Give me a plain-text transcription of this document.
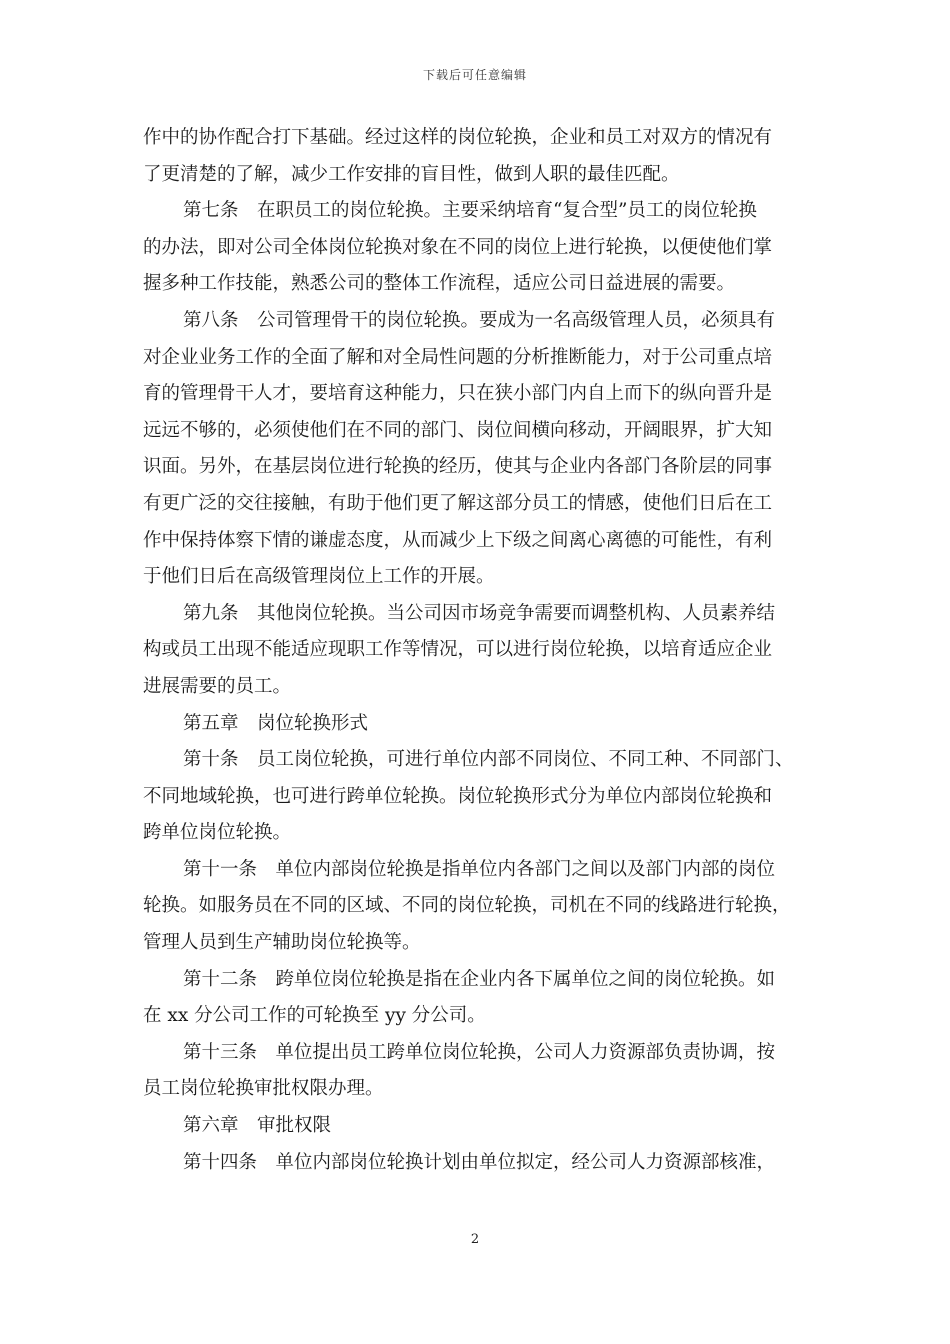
下载后可任意编辑
作中的协作配合打下基础。经过这样的岗位轮换，企业和员工对双方的情况有
了更清楚的了解，减少工作安排的盲目性，做到人职的最佳匹配。
第七条　在职员工的岗位轮换。主要采纳培育“复合型”员工的岗位轮换
的办法，即对公司全体岗位轮换对象在不同的岗位上进行轮换，以便使他们掌
握多种工作技能，熟悉公司的整体工作流程，适应公司日益进展的需要。
第八条　公司管理骨干的岗位轮换。要成为一名高级管理人员，必须具有
对企业业务工作的全面了解和对全局性问题的分析推断能力，对于公司重点培
育的管理骨干人才，要培育这种能力，只在狭小部门内自上而下的纵向晋升是
远远不够的，必须使他们在不同的部门、岗位间横向移动，开阔眼界，扩大知
识面。另外，在基层岗位进行轮换的经历，使其与企业内各部门各阶层的同事
有更广泛的交往接触，有助于他们更了解这部分员工的情感，使他们日后在工
作中保持体察下情的谦虚态度，从而减少上下级之间离心离德的可能性，有利
于他们日后在高级管理岗位上工作的开展。
第九条　其他岗位轮换。当公司因市场竞争需要而调整机构、人员素养结
构或员工出现不能适应现职工作等情况，可以进行岗位轮换，以培育适应企业
进展需要的员工。
第五章　岗位轮换形式
第十条　员工岗位轮换，可进行单位内部不同岗位、不同工种、不同部门、
不同地域轮换，也可进行跨单位轮换。岗位轮换形式分为单位内部岗位轮换和
跨单位岗位轮换。
第十一条　单位内部岗位轮换是指单位内各部门之间以及部门内部的岗位
轮换。如服务员在不同的区域、不同的岗位轮换，司机在不同的线路进行轮换，
管理人员到生产辅助岗位轮换等。
第十二条　跨单位岗位轮换是指在企业内各下属单位之间的岗位轮换。如
在 xx 分公司工作的可轮换至 yy 分公司。
第十三条　单位提出员工跨单位岗位轮换，公司人力资源部负责协调，按
员工岗位轮换审批权限办理。
第六章　审批权限
第十四条　单位内部岗位轮换计划由单位拟定，经公司人力资源部核准，
2
